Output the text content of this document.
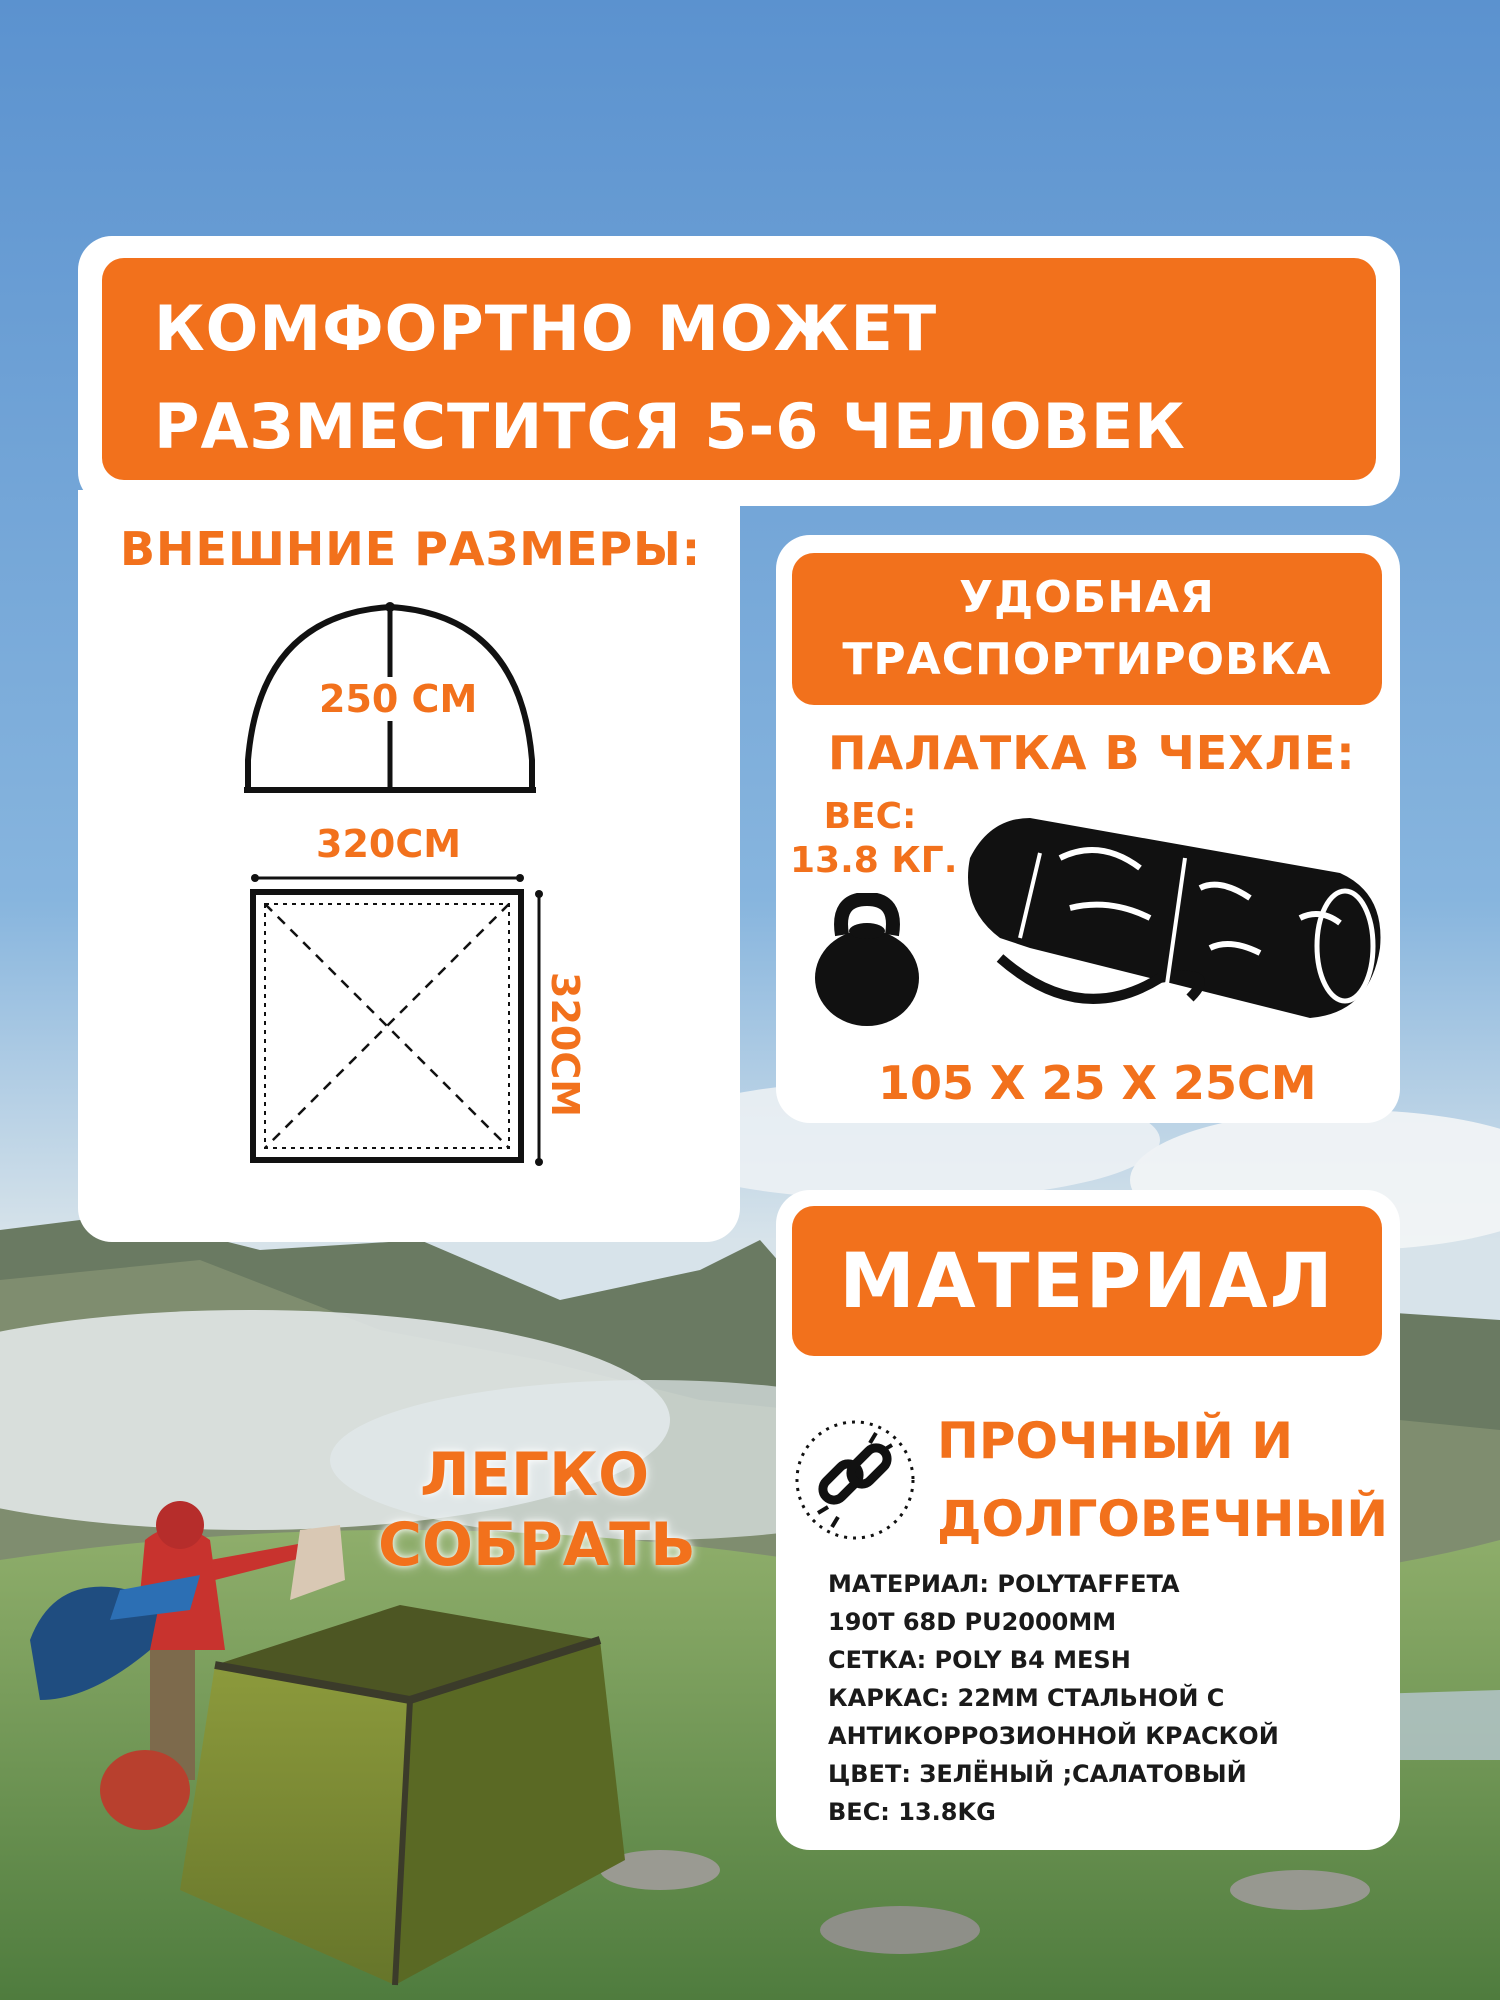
КОМФОРТНО МОЖЕТ
РАЗМЕСТИТСЯ 5-6 ЧЕЛОВЕК
ВНЕШНИЕ РАЗМЕРЫ:
250 СМ
320СМ
320СМ
УДОБНАЯ
ТРАСПОРТИРОВКА
ПАЛАТКА В ЧЕХЛЕ:
ВЕС:
13.8 КГ.
105 Х 25 Х 25СМ
МАТЕРИАЛ
ПРОЧНЫЙ И
ДОЛГОВЕЧНЫЙ
МАТЕРИАЛ: POLYTAFFETA
190T 68D PU2000MM
СЕТКА: POLY B4 MESH
КАРКАС: 22ММ СТАЛЬНОЙ С
АНТИКОРРОЗИОННОЙ КРАСКОЙ
ЦВЕТ: ЗЕЛЁНЫЙ ;САЛАТОВЫЙ
ВЕС: 13.8KG
ЛЕГКО
СОБРАТЬ
